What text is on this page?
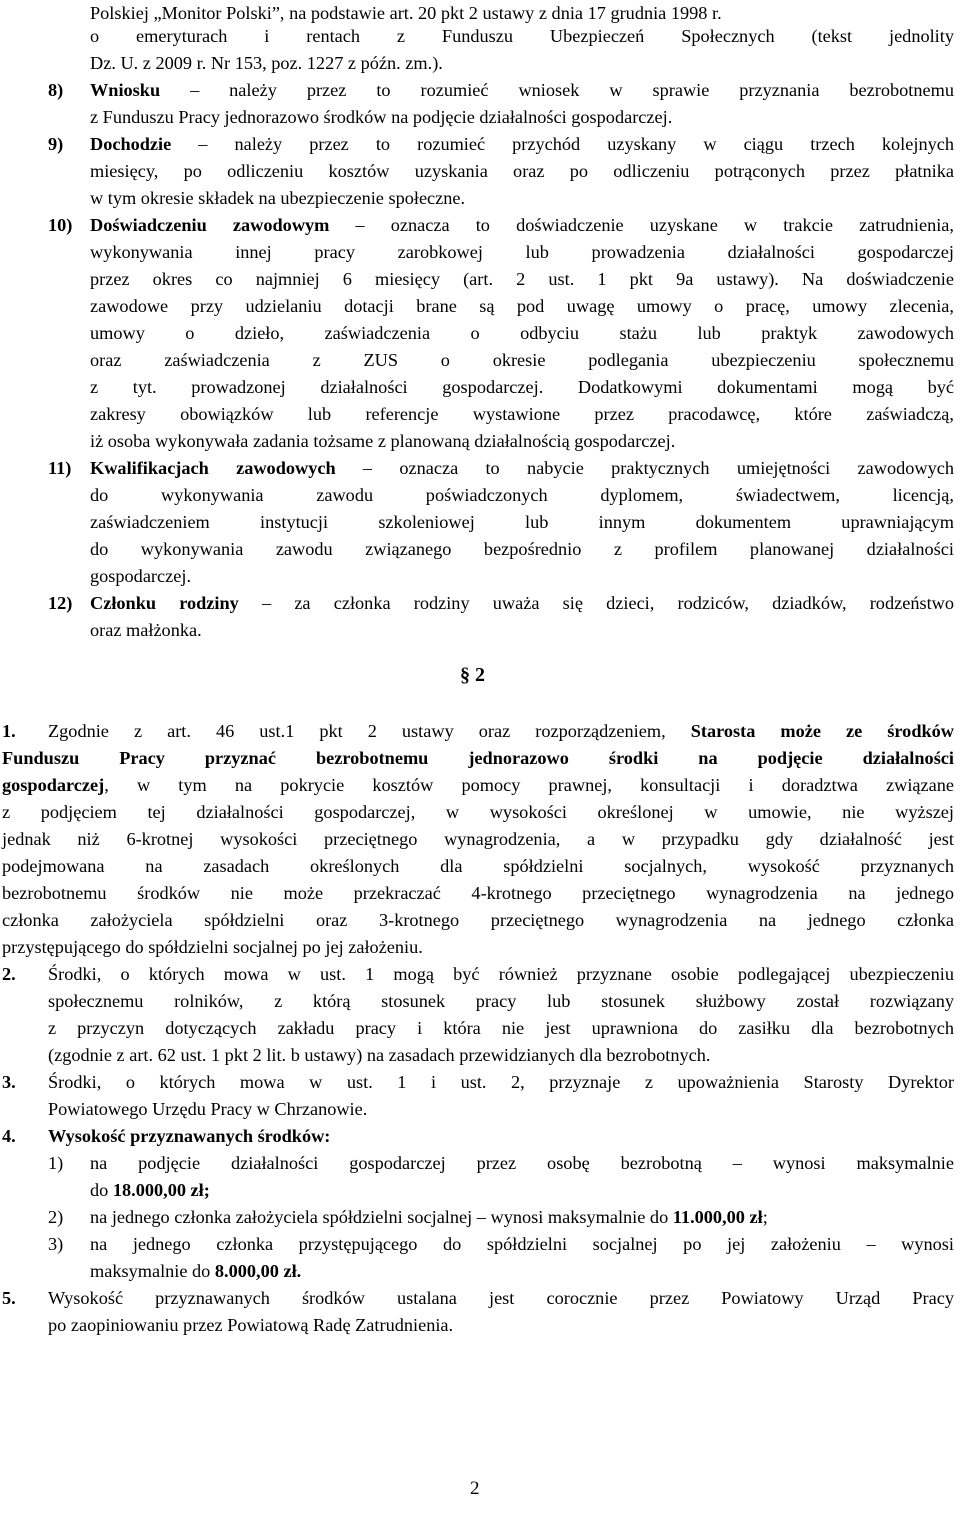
Polskiej „Monitor Polski”, na podstawie art. 20 pkt 2 ustawy z dnia 17 grudnia 1998 r.
o emeryturach i rentach z Funduszu Ubezpieczeń Społecznych (tekst jednolity
Dz. U. z 2009 r. Nr 153, poz. 1227 z późn. zm.).
8) Wniosku – należy przez to rozumieć wniosek w sprawie przyznania bezrobotnemu
z Funduszu Pracy jednorazowo środków na podjęcie działalności gospodarczej.
9) Dochodzie – należy przez to rozumieć przychód uzyskany w ciągu trzech kolejnych
miesięcy, po odliczeniu kosztów uzyskania oraz po odliczeniu potrąconych przez płatnika
w tym okresie składek na ubezpieczenie społeczne.
10) Doświadczeniu zawodowym – oznacza to doświadczenie uzyskane w trakcie zatrudnienia,
wykonywania innej pracy zarobkowej lub prowadzenia działalności gospodarczej
przez okres co najmniej 6 miesięcy (art. 2 ust. 1 pkt 9a ustawy). Na doświadczenie
zawodowe przy udzielaniu dotacji brane są pod uwagę umowy o pracę, umowy zlecenia,
umowy o dzieło, zaświadczenia o odbyciu stażu lub praktyk zawodowych
oraz zaświadczenia z ZUS o okresie podlegania ubezpieczeniu społecznemu
z tyt. prowadzonej działalności gospodarczej. Dodatkowymi dokumentami mogą być
zakresy obowiązków lub referencje wystawione przez pracodawcę, które zaświadczą,
iż osoba wykonywała zadania tożsame z planowaną działalnością gospodarczej.
11) Kwalifikacjach zawodowych – oznacza to nabycie praktycznych umiejętności zawodowych
do wykonywania zawodu poświadczonych dyplomem, świadectwem, licencją,
zaświadczeniem instytucji szkoleniowej lub innym dokumentem uprawniającym
do wykonywania zawodu związanego bezpośrednio z profilem planowanej działalności
gospodarczej.
12) Członku rodziny – za członka rodziny uważa się dzieci, rodziców, dziadków, rodzeństwo
oraz małżonka.
§ 2
1. Zgodnie z art. 46 ust.1 pkt 2 ustawy oraz rozporządzeniem, Starosta może ze środków
Funduszu Pracy przyznać bezrobotnemu jednorazowo środki na podjęcie działalności
gospodarczej, w tym na pokrycie kosztów pomocy prawnej, konsultacji i doradztwa związane
z podjęciem tej działalności gospodarczej, w wysokości określonej w umowie, nie wyższej
jednak niż 6-krotnej wysokości przeciętnego wynagrodzenia, a w przypadku gdy działalność jest
podejmowana na zasadach określonych dla spółdzielni socjalnych, wysokość przyznanych
bezrobotnemu środków nie może przekraczać 4-krotnego przeciętnego wynagrodzenia na jednego
członka założyciela spółdzielni oraz 3-krotnego przeciętnego wynagrodzenia na jednego członka
przystępującego do spółdzielni socjalnej po jej założeniu.
2. Środki, o których mowa w ust. 1 mogą być również przyznane osobie podlegającej ubezpieczeniu
społecznemu rolników, z którą stosunek pracy lub stosunek służbowy został rozwiązany
z przyczyn dotyczących zakładu pracy i która nie jest uprawniona do zasiłku dla bezrobotnych
(zgodnie z art. 62 ust. 1 pkt 2 lit. b ustawy) na zasadach przewidzianych dla bezrobotnych.
3. Środki, o których mowa w ust. 1 i ust. 2, przyznaje z upoważnienia Starosty Dyrektor
Powiatowego Urzędu Pracy w Chrzanowie.
4. Wysokość przyznawanych środków:
1) na podjęcie działalności gospodarczej przez osobę bezrobotną – wynosi maksymalnie
do 18.000,00 zł;
2) na jednego członka założyciela spółdzielni socjalnej – wynosi maksymalnie do 11.000,00 zł;
3) na jednego członka przystępującego do spółdzielni socjalnej po jej założeniu – wynosi
maksymalnie do 8.000,00 zł.
5. Wysokość przyznawanych środków ustalana jest corocznie przez Powiatowy Urząd Pracy
po zaopiniowaniu przez Powiatową Radę Zatrudnienia.
2
